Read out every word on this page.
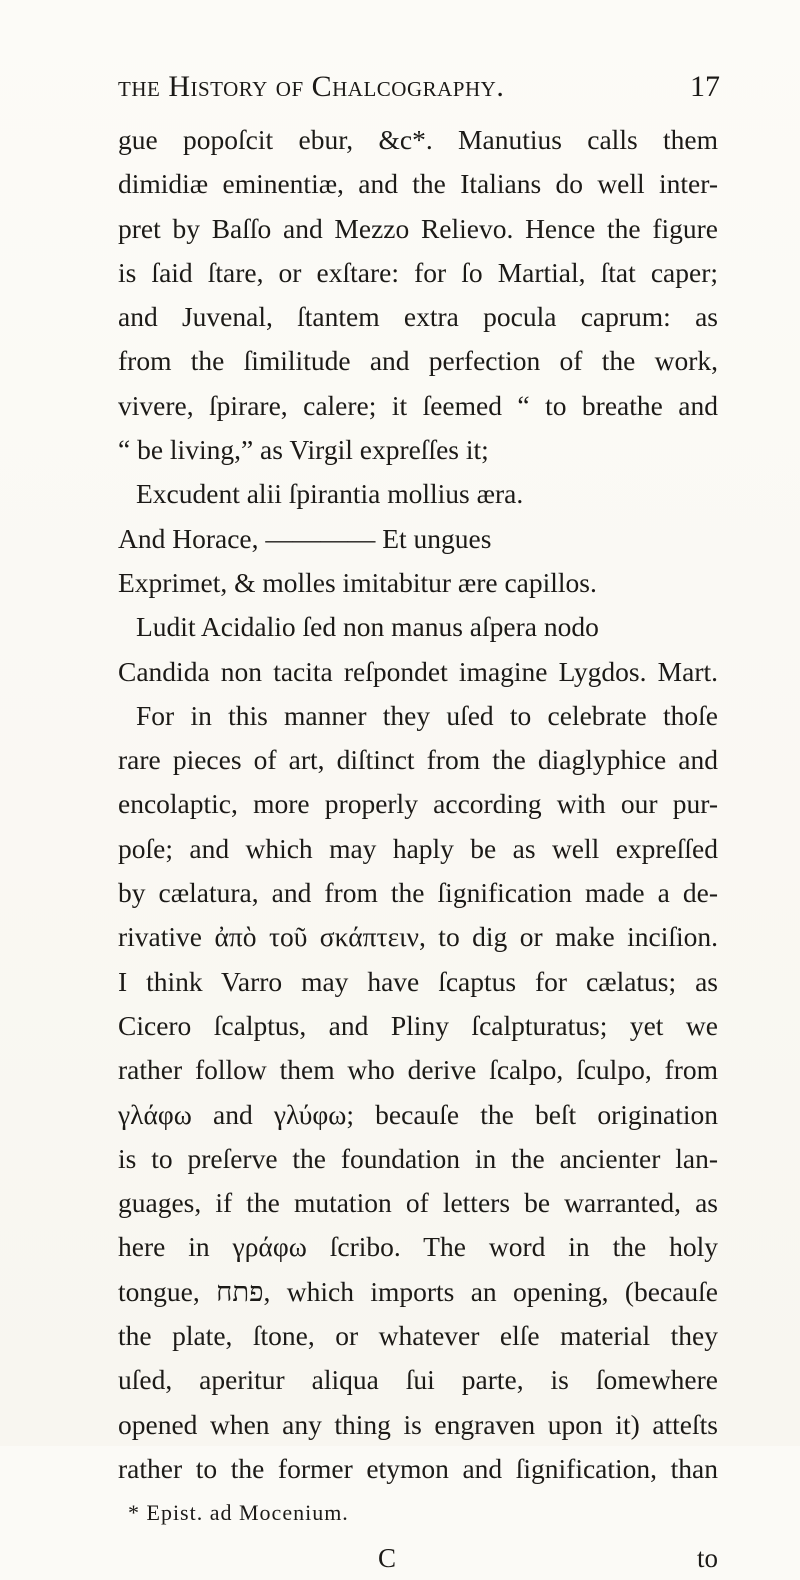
the Hiſtory of Chalcography.	17
gue popoſcit ebur, &c*. Manutius calls them
dimidiæ eminentiæ, and the Italians do well inter-
pret by Baſſo and Mezzo Relievo. Hence the figure
is ſaid ſtare, or exſtare: for ſo Martial, ſtat caper;
and Juvenal, ſtantem extra pocula caprum: as
from the ſimilitude and perfection of the work,
vivere, ſpirare, calere; it ſeemed “ to breathe and
“ be living,” as Virgil expreſſes it;
Excudent alii ſpirantia mollius æra.
And Horace, ———— Et ungues
Exprimet, & molles imitabitur ære capillos.
Ludit Acidalio ſed non manus aſpera nodo
Candida non tacita reſpondet imagine Lygdos. Mart.
For in this manner they uſed to celebrate thoſe
rare pieces of art, diſtinct from the diaglyphice and
encolaptic, more properly according with our pur-
poſe; and which may haply be as well expreſſed
by cælatura, and from the ſignification made a de-
rivative ἀπὸ τοῦ σκάπτειν, to dig or make inciſion.
I think Varro may have ſcaptus for cælatus; as
Cicero ſcalptus, and Pliny ſcalpturatus; yet we
rather follow them who derive ſcalpo, ſculpo, from
γλάφω and γλύφω; becauſe the beſt origination
is to preſerve the foundation in the ancienter lan-
guages, if the mutation of letters be warranted, as
here in γράφω ſcribo. The word in the holy
tongue, פתח, which imports an opening, (becauſe
the plate, ſtone, or whatever elſe material they
uſed, aperitur aliqua ſui parte, is ſomewhere
opened when any thing is engraven upon it) atteſts
rather to the former etymon and ſignification, than
* Epist. ad Mocenium.
C	to
